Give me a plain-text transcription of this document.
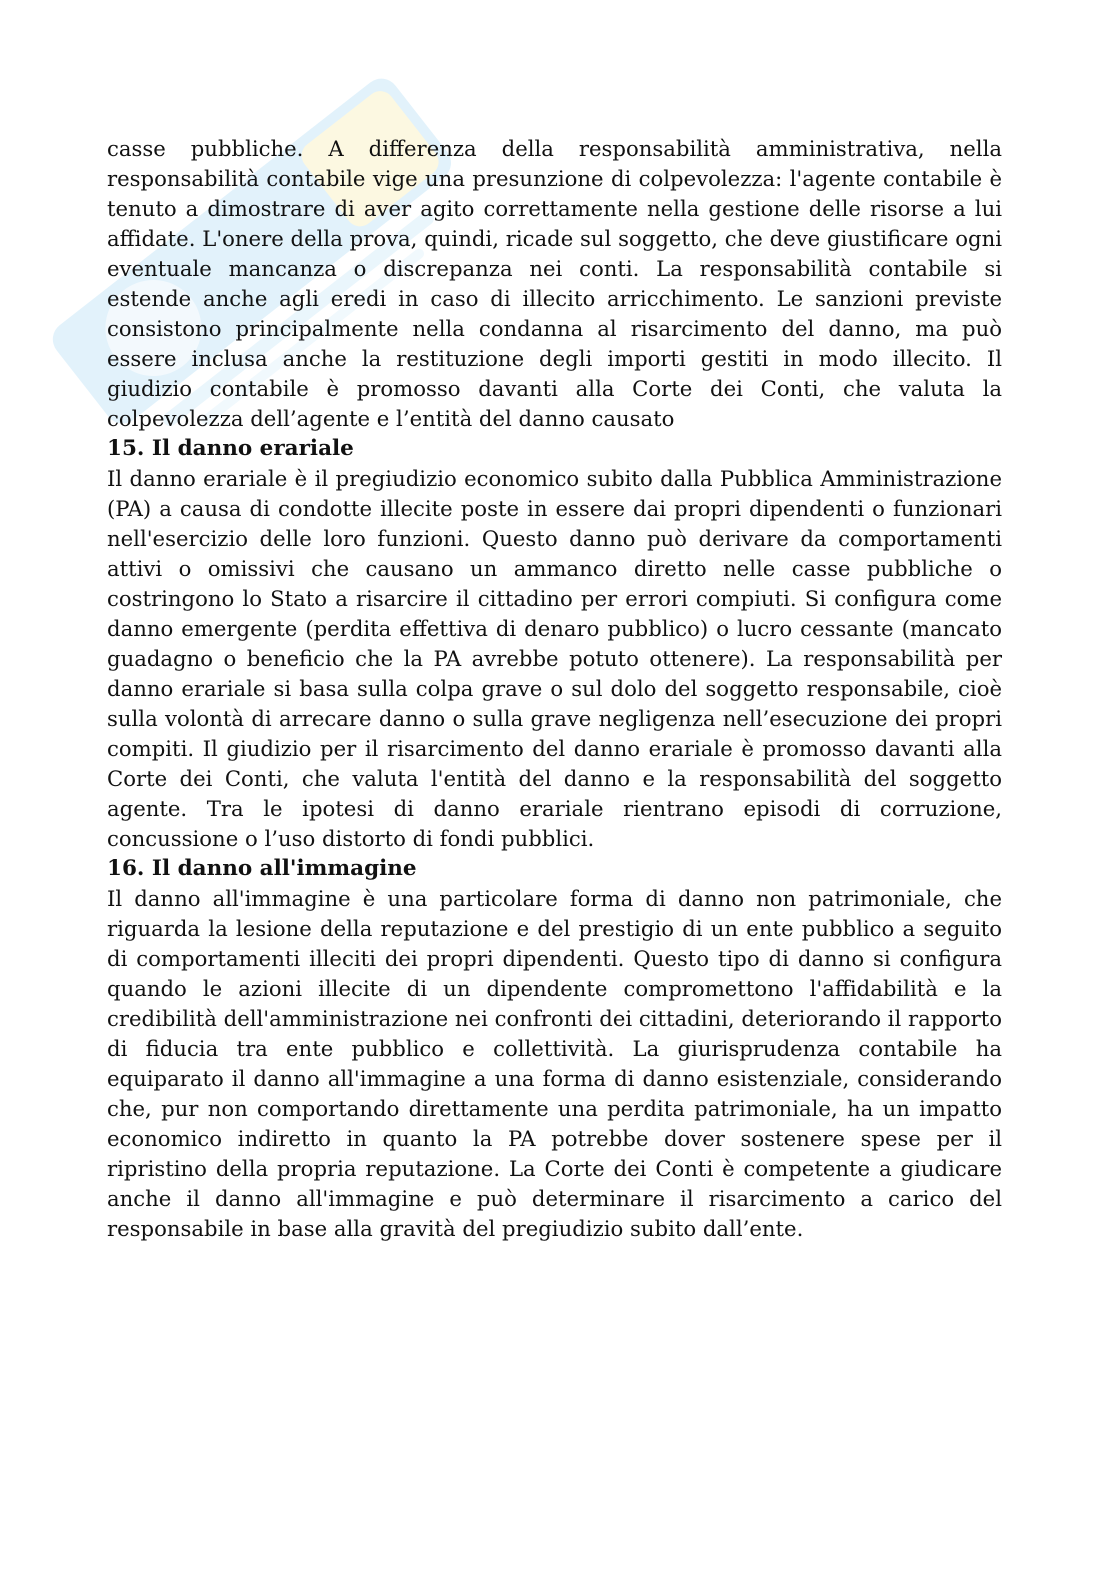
casse pubbliche. A differenza della responsabilità amministrativa, nella responsabilità contabile vige una presunzione di colpevolezza: l'agente contabile è tenuto a dimostrare di aver agito correttamente nella gestione delle risorse a lui affidate. L'onere della prova, quindi, ricade sul soggetto, che deve giustificare ogni eventuale mancanza o discrepanza nei conti. La responsabilità contabile si estende anche agli eredi in caso di illecito arricchimento. Le sanzioni previste consistono principalmente nella condanna al risarcimento del danno, ma può essere inclusa anche la restituzione degli importi gestiti in modo illecito. Il giudizio contabile è promosso davanti alla Corte dei Conti, che valuta la colpevolezza dell’agente e l’entità del danno causato

15. Il danno erariale

Il danno erariale è il pregiudizio economico subito dalla Pubblica Amministrazione (PA) a causa di condotte illecite poste in essere dai propri dipendenti o funzionari nell'esercizio delle loro funzioni. Questo danno può derivare da comportamenti attivi o omissivi che causano un ammanco diretto nelle casse pubbliche o costringono lo Stato a risarcire il cittadino per errori compiuti. Si configura come danno emergente (perdita effettiva di denaro pubblico) o lucro cessante (mancato guadagno o beneficio che la PA avrebbe potuto ottenere). La responsabilità per danno erariale si basa sulla colpa grave o sul dolo del soggetto responsabile, cioè sulla volontà di arrecare danno o sulla grave negligenza nell’esecuzione dei propri compiti. Il giudizio per il risarcimento del danno erariale è promosso davanti alla Corte dei Conti, che valuta l'entità del danno e la responsabilità del soggetto agente. Tra le ipotesi di danno erariale rientrano episodi di corruzione, concussione o l’uso distorto di fondi pubblici.

16. Il danno all'immagine

Il danno all'immagine è una particolare forma di danno non patrimoniale, che riguarda la lesione della reputazione e del prestigio di un ente pubblico a seguito di comportamenti illeciti dei propri dipendenti. Questo tipo di danno si configura quando le azioni illecite di un dipendente compromettono l'affidabilità e la credibilità dell'amministrazione nei confronti dei cittadini, deteriorando il rapporto di fiducia tra ente pubblico e collettività. La giurisprudenza contabile ha equiparato il danno all'immagine a una forma di danno esistenziale, considerando che, pur non comportando direttamente una perdita patrimoniale, ha un impatto economico indiretto in quanto la PA potrebbe dover sostenere spese per il ripristino della propria reputazione. La Corte dei Conti è competente a giudicare anche il danno all'immagine e può determinare il risarcimento a carico del responsabile in base alla gravità del pregiudizio subito dall’ente.
